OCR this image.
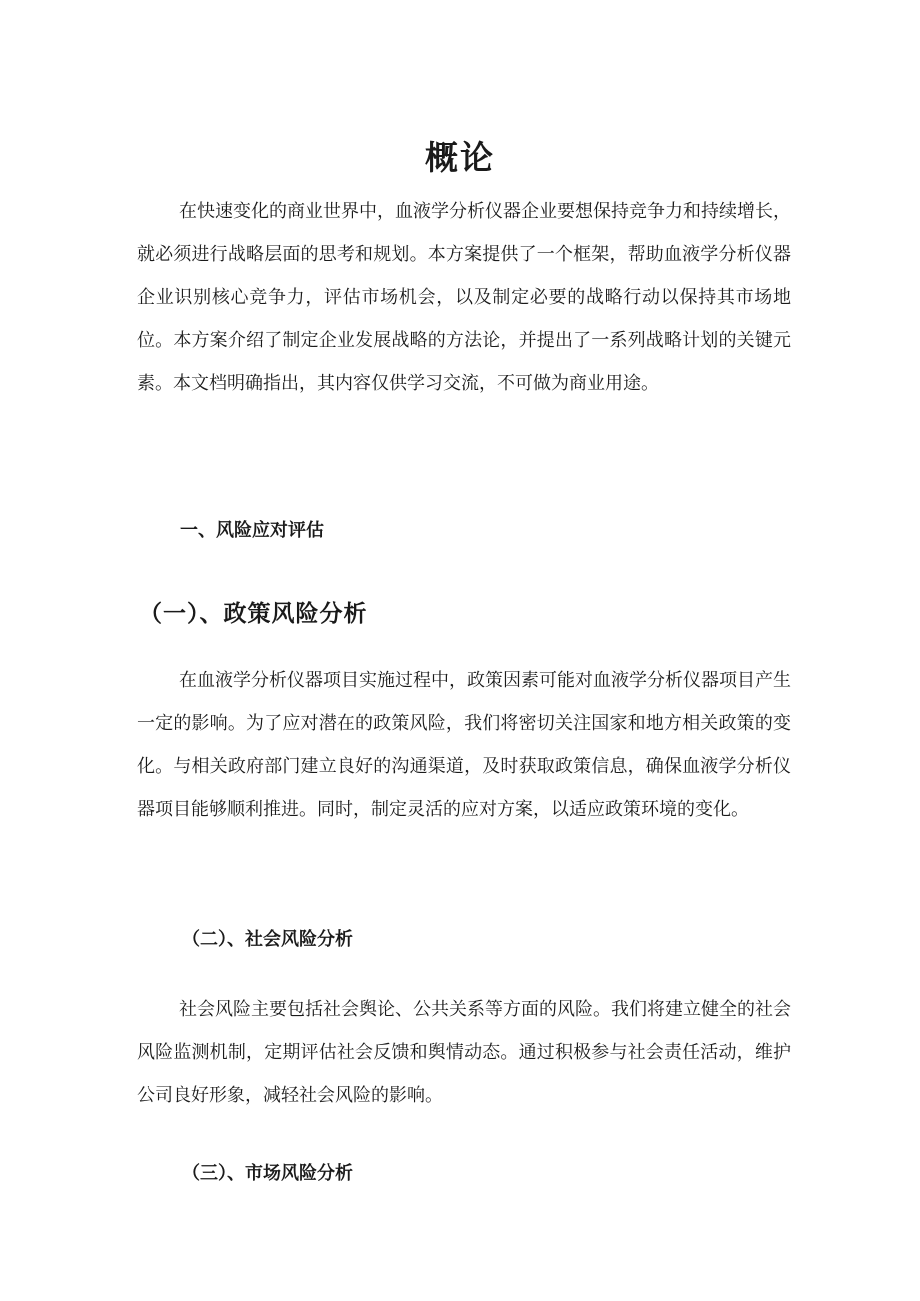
概论

在快速变化的商业世界中，血液学分析仪器企业要想保持竞争力和持续增长，就必须进行战略层面的思考和规划。本方案提供了一个框架，帮助血液学分析仪器企业识别核心竞争力，评估市场机会，以及制定必要的战略行动以保持其市场地位。本方案介绍了制定企业发展战略的方法论，并提出了一系列战略计划的关键元素。本文档明确指出，其内容仅供学习交流，不可做为商业用途。

一、风险应对评估
（一）、政策风险分析

在血液学分析仪器项目实施过程中，政策因素可能对血液学分析仪器项目产生一定的影响。为了应对潜在的政策风险，我们将密切关注国家和地方相关政策的变化。与相关政府部门建立良好的沟通渠道，及时获取政策信息，确保血液学分析仪器项目能够顺利推进。同时，制定灵活的应对方案，以适应政策环境的变化。

（二）、社会风险分析

社会风险主要包括社会舆论、公共关系等方面的风险。我们将建立健全的社会风险监测机制，定期评估社会反馈和舆情动态。通过积极参与社会责任活动，维护公司良好形象，减轻社会风险的影响。

（三）、市场风险分析
